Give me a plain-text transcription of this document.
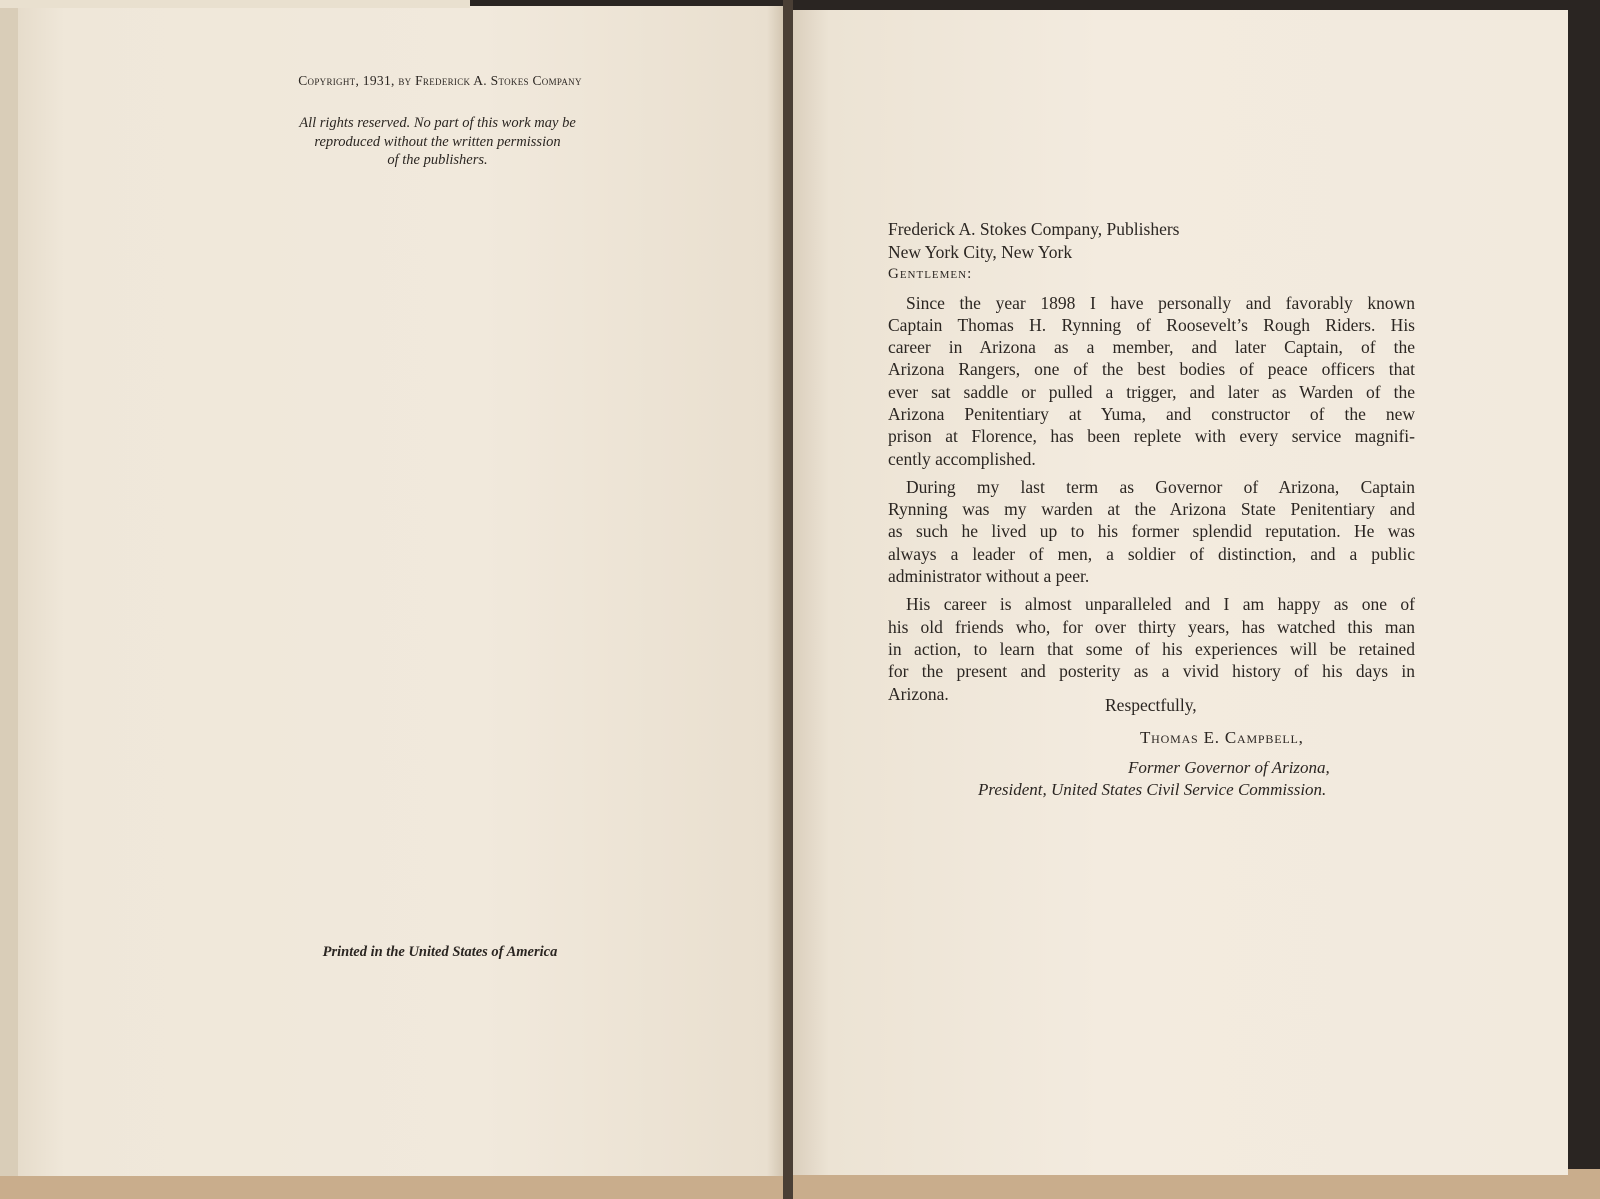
Copyright, 1931, by Frederick A. Stokes Company
All rights reserved. No part of this work may be
reproduced without the written permission
of the publishers.
Printed in the United States of America
Frederick A. Stokes Company, Publishers
New York City, New York
Gentlemen:
Since the year 1898 I have personally and favorably known
Captain Thomas H. Rynning of Roosevelt’s Rough Riders. His
career in Arizona as a member, and later Captain, of the
Arizona Rangers, one of the best bodies of peace officers that
ever sat saddle or pulled a trigger, and later as Warden of the
Arizona Penitentiary at Yuma, and constructor of the new
prison at Florence, has been replete with every service magnifi-
cently accomplished.
During my last term as Governor of Arizona, Captain
Rynning was my warden at the Arizona State Penitentiary and
as such he lived up to his former splendid reputation. He was
always a leader of men, a soldier of distinction, and a public
administrator without a peer.
His career is almost unparalleled and I am happy as one of
his old friends who, for over thirty years, has watched this man
in action, to learn that some of his experiences will be retained
for the present and posterity as a vivid history of his days in
Arizona.
Respectfully,
Thomas E. Campbell,
Former Governor of Arizona,
President, United States Civil Service Commission.
